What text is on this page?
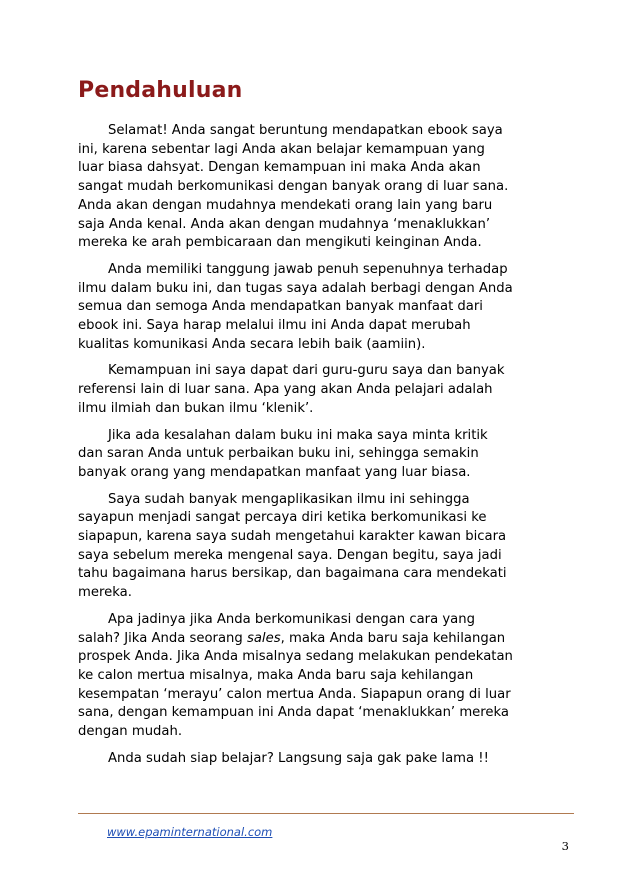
Pendahuluan

Selamat! Anda sangat beruntung mendapatkan ebook saya
ini, karena sebentar lagi Anda akan belajar kemampuan yang
luar biasa dahsyat. Dengan kemampuan ini maka Anda akan
sangat mudah berkomunikasi dengan banyak orang di luar sana.
Anda akan dengan mudahnya mendekati orang lain yang baru
saja Anda kenal. Anda akan dengan mudahnya ‘menaklukkan’
mereka ke arah pembicaraan dan mengikuti keinginan Anda.

Anda memiliki tanggung jawab penuh sepenuhnya terhadap
ilmu dalam buku ini, dan tugas saya adalah berbagi dengan Anda
semua dan semoga Anda mendapatkan banyak manfaat dari
ebook ini. Saya harap melalui ilmu ini Anda dapat merubah
kualitas komunikasi Anda secara lebih baik (aamiin).

Kemampuan ini saya dapat dari guru-guru saya dan banyak
referensi lain di luar sana. Apa yang akan Anda pelajari adalah
ilmu ilmiah dan bukan ilmu ‘klenik’.

Jika ada kesalahan dalam buku ini maka saya minta kritik
dan saran Anda untuk perbaikan buku ini, sehingga semakin
banyak orang yang mendapatkan manfaat yang luar biasa.

Saya sudah banyak mengaplikasikan ilmu ini sehingga
sayapun menjadi sangat percaya diri ketika berkomunikasi ke
siapapun, karena saya sudah mengetahui karakter kawan bicara
saya sebelum mereka mengenal saya. Dengan begitu, saya jadi
tahu bagaimana harus bersikap, dan bagaimana cara mendekati
mereka.

Apa jadinya jika Anda berkomunikasi dengan cara yang
salah? Jika Anda seorang sales, maka Anda baru saja kehilangan
prospek Anda. Jika Anda misalnya sedang melakukan pendekatan
ke calon mertua misalnya, maka Anda baru saja kehilangan
kesempatan ‘merayu’ calon mertua Anda. Siapapun orang di luar
sana, dengan kemampuan ini Anda dapat ‘menaklukkan’ mereka
dengan mudah.

Anda sudah siap belajar? Langsung saja gak pake lama !!

www.epaminternational.com
3
